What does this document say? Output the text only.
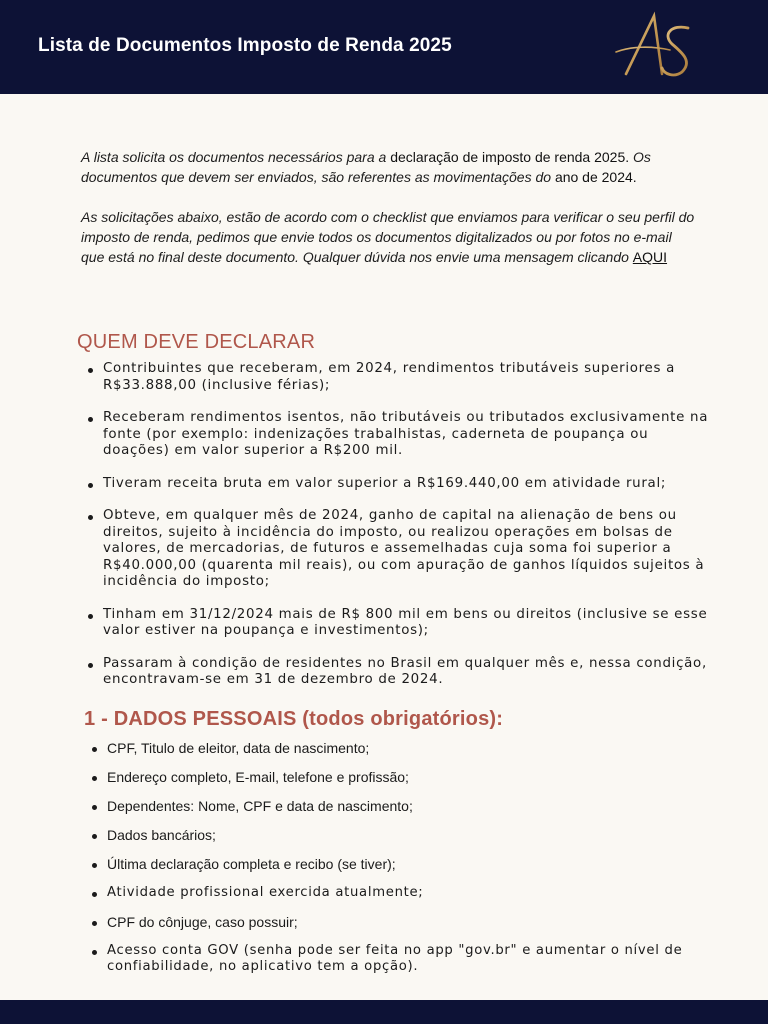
Lista de Documentos Imposto de Renda 2025

A lista solicita os documentos necessários para a declaração de imposto de renda 2025. Os documentos que devem ser enviados, são referentes as movimentações do ano de 2024.

As solicitações abaixo, estão de acordo com o checklist que enviamos para verificar o seu perfil do imposto de renda, pedimos que envie todos os documentos digitalizados ou por fotos no e-mail que está no final deste documento. Qualquer dúvida nos envie uma mensagem clicando AQUI

QUEM DEVE DECLARAR
Contribuintes que receberam, em 2024, rendimentos tributáveis superiores a R$33.888,00 (inclusive férias);
Receberam rendimentos isentos, não tributáveis ou tributados exclusivamente na fonte (por exemplo: indenizações trabalhistas, caderneta de poupança ou doações) em valor superior a R$200 mil.
Tiveram receita bruta em valor superior a R$169.440,00 em atividade rural;
Obteve, em qualquer mês de 2024, ganho de capital na alienação de bens ou direitos, sujeito à incidência do imposto, ou realizou operações em bolsas de valores, de mercadorias, de futuros e assemelhadas cuja soma foi superior a R$40.000,00 (quarenta mil reais), ou com apuração de ganhos líquidos sujeitos à incidência do imposto;
Tinham em 31/12/2024 mais de R$ 800 mil em bens ou direitos (inclusive se esse valor estiver na poupança e investimentos);
Passaram à condição de residentes no Brasil em qualquer mês e, nessa condição, encontravam-se em 31 de dezembro de 2024.
1 - DADOS PESSOAIS (todos obrigatórios):
CPF, Titulo de eleitor, data de nascimento;
Endereço completo, E-mail, telefone e profissão;
Dependentes: Nome, CPF e data de nascimento;
Dados bancários;
Última declaração completa e recibo (se tiver);
Atividade profissional exercida atualmente;
CPF do cônjuge, caso possuir;
Acesso conta GOV (senha pode ser feita no app "gov.br" e aumentar o nível de confiabilidade, no aplicativo tem a opção).
